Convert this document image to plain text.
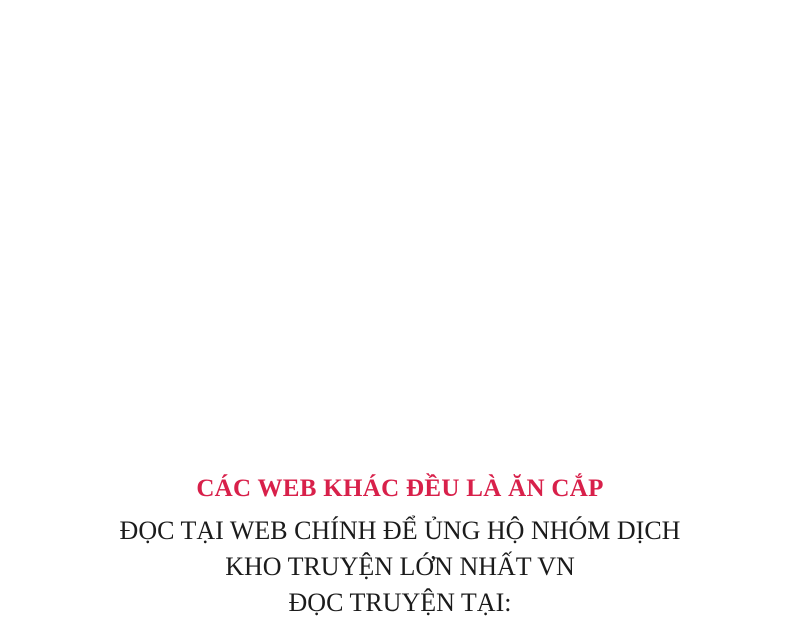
CÁC WEB KHÁC ĐỀU LÀ ĂN CẮP
ĐỌC TẠI WEB CHÍNH ĐỂ ỦNG HỘ NHÓM DỊCH
KHO TRUYỆN LỚN NHẤT VN
ĐỌC TRUYỆN TẠI:
